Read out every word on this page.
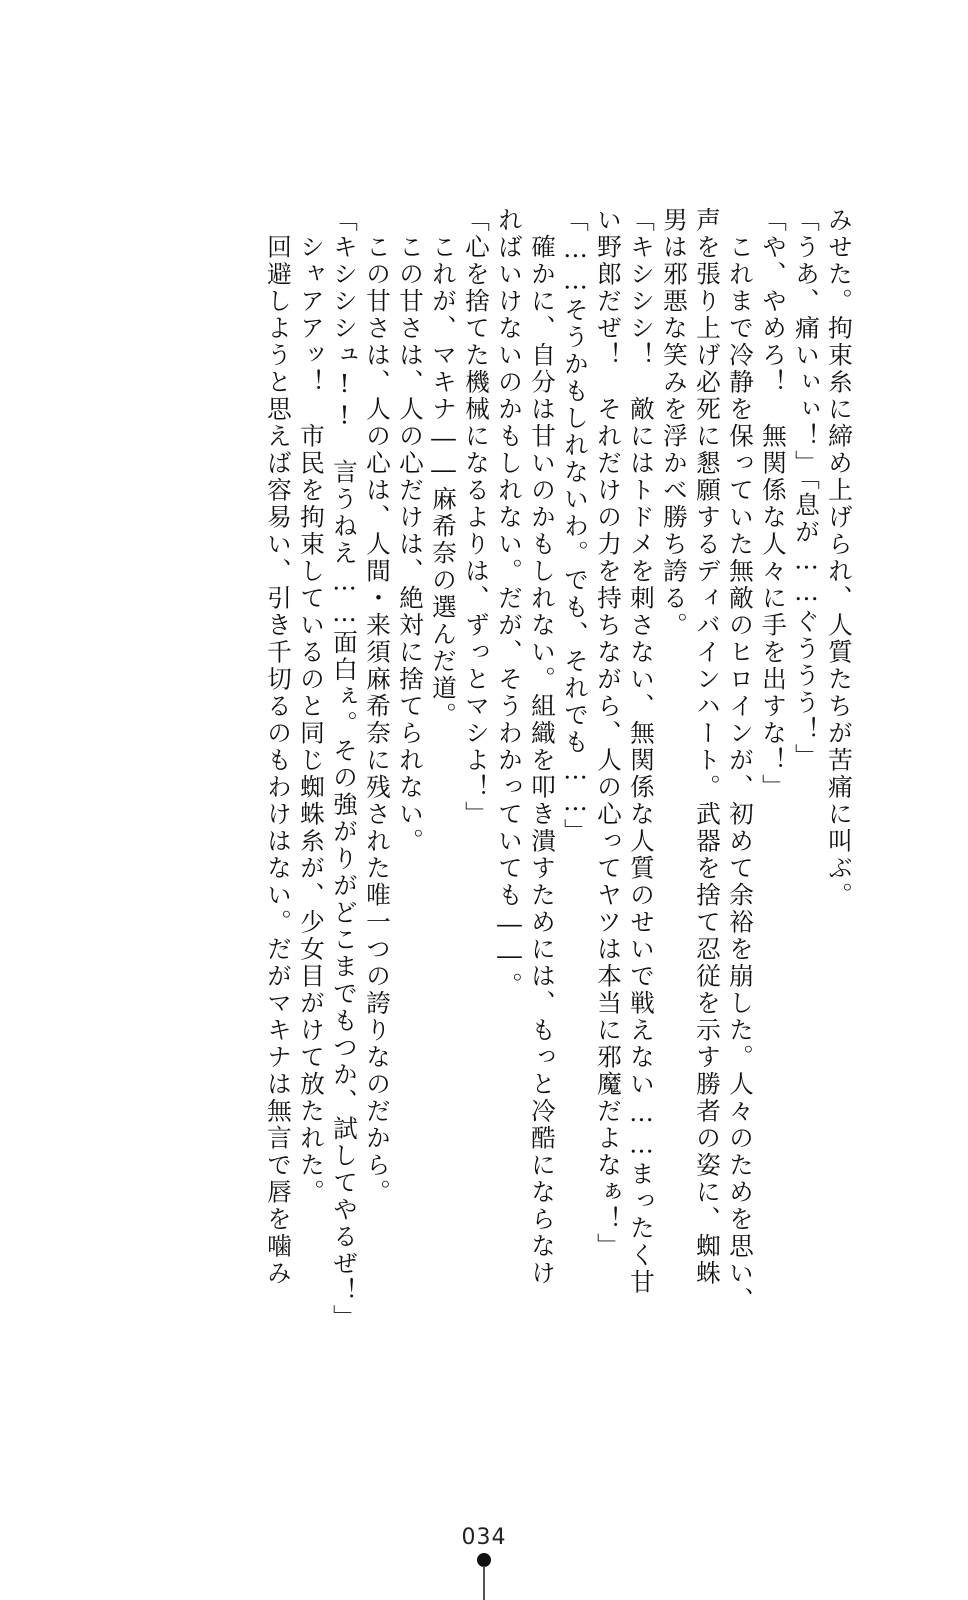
みせた。拘束糸に締め上げられ、人質たちが苦痛に叫ぶ。
「うあ、痛いぃぃ！」「息が……ぐううう！」
「や、やめろ！　無関係な人々に手を出すな！」
　これまで冷静を保っていた無敵のヒロインが、初めて余裕を崩した。人々のためを思い、
声を張り上げ必死に懇願するディバインハート。武器を捨て忍従を示す勝者の姿に、蜘蛛
男は邪悪な笑みを浮かべ勝ち誇る。
「キシシシ！　敵にはトドメを刺さない、無関係な人質のせいで戦えない……まったく甘
い野郎だぜ！　それだけの力を持ちながら、人の心ってヤツは本当に邪魔だよなぁ！」
「……そうかもしれないわ。でも、それでも……」
　確かに、自分は甘いのかもしれない。組織を叩き潰すためには、もっと冷酷にならなけ
ればいけないのかもしれない。だが、そうわかっていても――。
「心を捨てた機械になるよりは、ずっとマシよ！」
　これが、マキナ――麻希奈の選んだ道。
　この甘さは、人の心だけは、絶対に捨てられない。
　この甘さは、人の心は、人間・来須麻希奈に残された唯一つの誇りなのだから。
「キシシシュ!!　言うねえ……面白ぇ。その強がりがどこまでもつか、試してやるぜ！」
　シャアアッ！　市民を拘束しているのと同じ蜘蛛糸が、少女目がけて放たれた。
　回避しようと思えば容易い、引き千切るのもわけはない。だがマキナは無言で唇を噛み
034
